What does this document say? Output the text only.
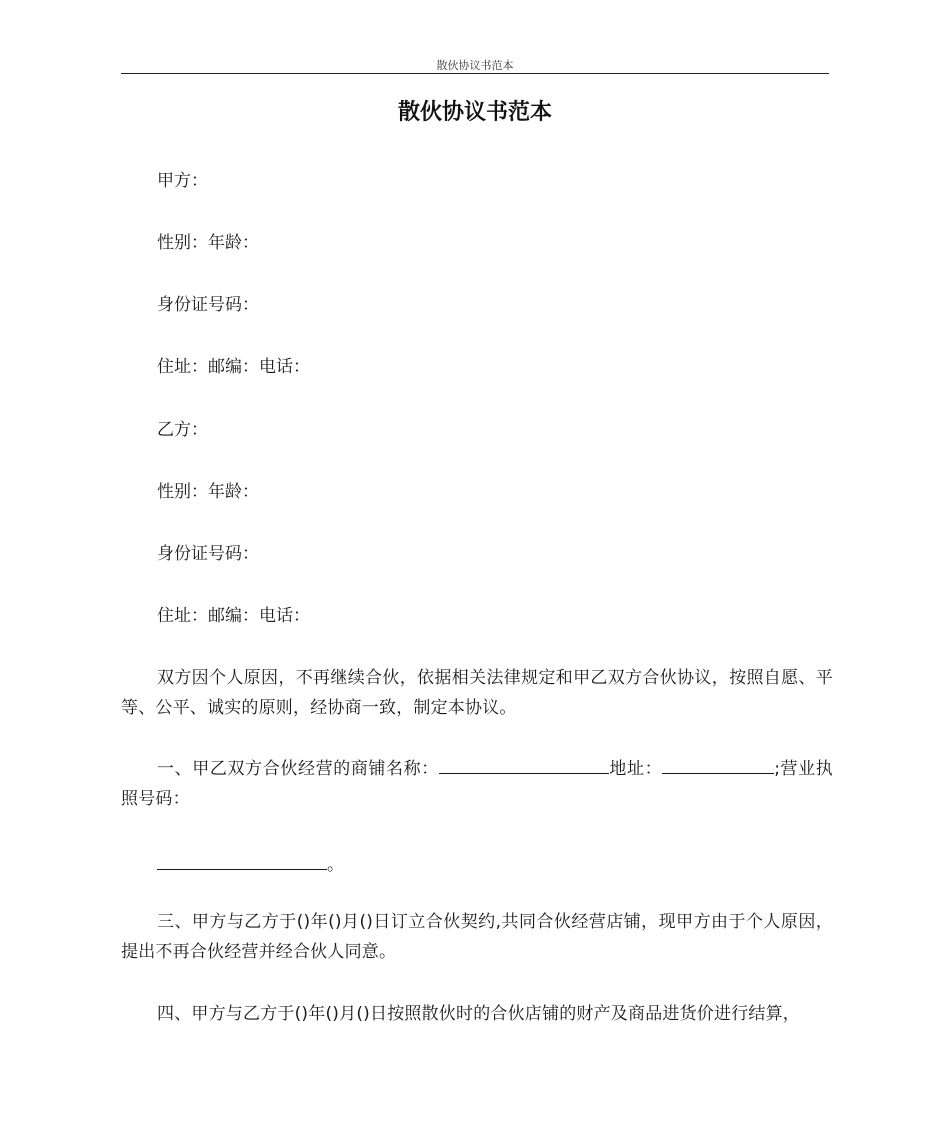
散伙协议书范本
散伙协议书范本
甲方：
性别：年龄：
身份证号码：
住址：邮编：电话：
乙方：
性别：年龄：
身份证号码：
住址：邮编：电话：
双方因个人原因，不再继续合伙，依据相关法律规定和甲乙双方合伙协议，按照自愿、平等、公平、诚实的原则，经协商一致，制定本协议。
一、甲乙双方合伙经营的商铺名称：	地址：	;营业执照号码：
。
三、甲方与乙方于()年()月()日订立合伙契约,共同合伙经营店铺，现甲方由于个人原因，提出不再合伙经营并经合伙人同意。
四、甲方与乙方于()年()月()日按照散伙时的合伙店铺的财产及商品进货价进行结算，
